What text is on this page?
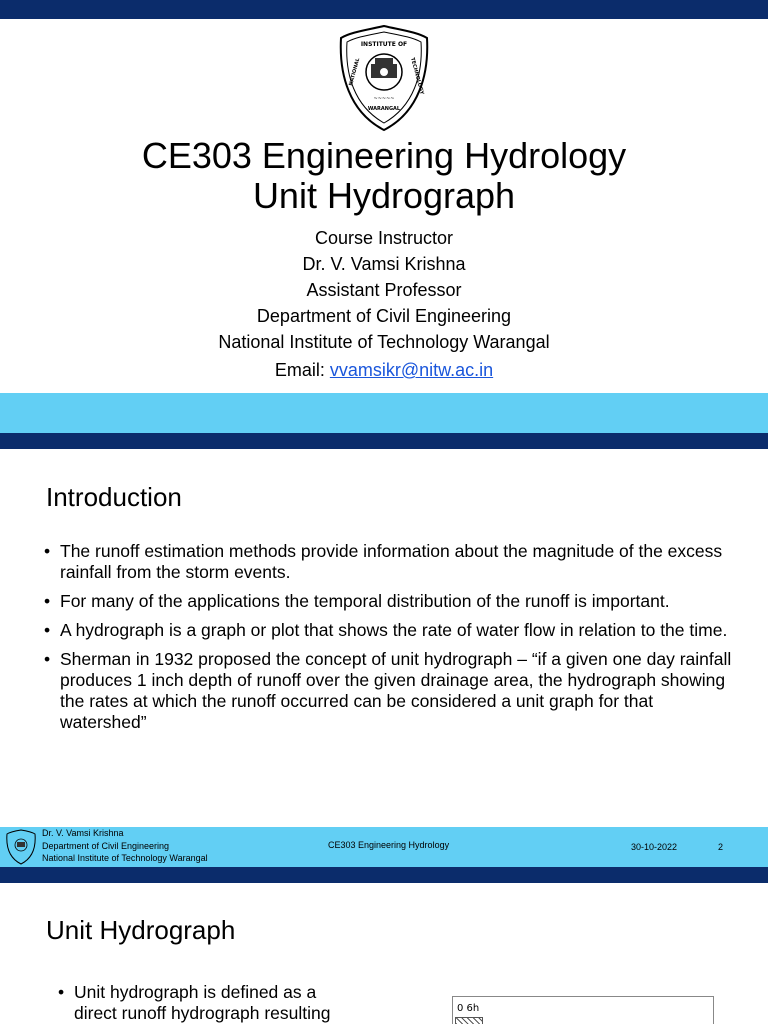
INSTITUTE OF
NATIONAL	TECHNOLOGY
~~~~~
WARANGAL
CE303 Engineering Hydrology
Unit Hydrograph
Course Instructor
Dr. V. Vamsi Krishna
Assistant Professor
Department of Civil Engineering
National Institute of Technology Warangal
Email: vvamsikr@nitw.ac.in
Introduction
• The runoff estimation methods provide information about the magnitude of the excess rainfall from the storm events.
• For many of the applications the temporal distribution of the runoff is important.
• A hydrograph is a graph or plot that shows the rate of water flow in relation to the time.
• Sherman in 1932 proposed the concept of unit hydrograph – “if a given one day rainfall produces 1 inch depth of runoff over the given drainage area, the hydrograph showing the rates at which the runoff occurred can be considered a unit graph for that watershed”
Dr. V. Vamsi Krishna
Department of Civil Engineering
National Institute of Technology Warangal
CE303 Engineering Hydrology	30-10-2022	2
Unit Hydrograph
• Unit hydrograph is defined as a
direct runoff hydrograph resulting	0 6h
